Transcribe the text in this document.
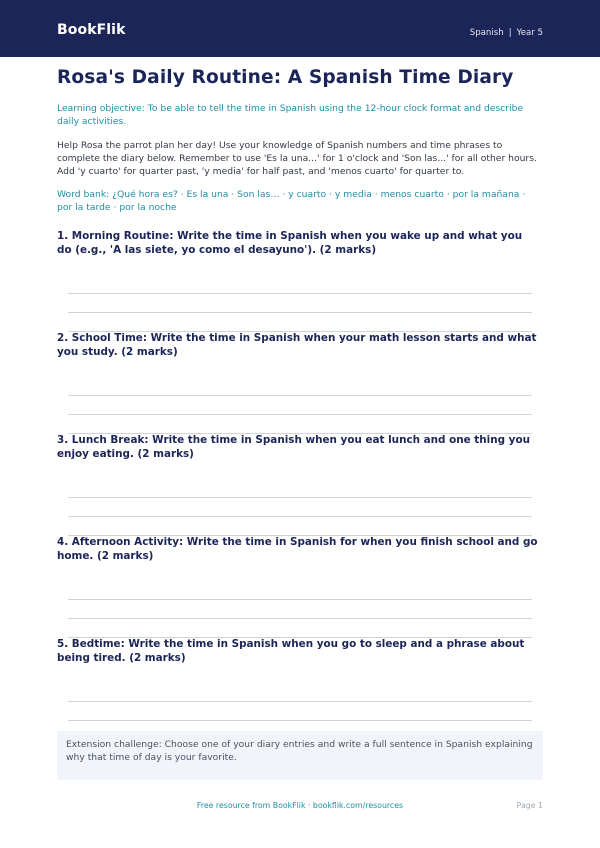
BookFlik	Spanish | Year 5
Rosa's Daily Routine: A Spanish Time Diary

Learning objective: To be able to tell the time in Spanish using the 12-hour clock format and describe daily activities.

Help Rosa the parrot plan her day! Use your knowledge of Spanish numbers and time phrases to complete the diary below. Remember to use 'Es la una...' for 1 o'clock and 'Son las...' for all other hours. Add 'y cuarto' for quarter past, 'y media' for half past, and 'menos cuarto' for quarter to.

Word bank: ¿Qué hora es? · Es la una · Son las… · y cuarto · y media · menos cuarto · por la mañana · por la tarde · por la noche

1. Morning Routine: Write the time in Spanish when you wake up and what you do (e.g., 'A las siete, yo como el desayuno'). (2 marks)

2. School Time: Write the time in Spanish when your math lesson starts and what you study. (2 marks)

3. Lunch Break: Write the time in Spanish when you eat lunch and one thing you enjoy eating. (2 marks)

4. Afternoon Activity: Write the time in Spanish for when you finish school and go home. (2 marks)

5. Bedtime: Write the time in Spanish when you go to sleep and a phrase about being tired. (2 marks)

Extension challenge: Choose one of your diary entries and write a full sentence in Spanish explaining why that time of day is your favorite.
Free resource from BookFlik · bookflik.com/resources	Page 1
